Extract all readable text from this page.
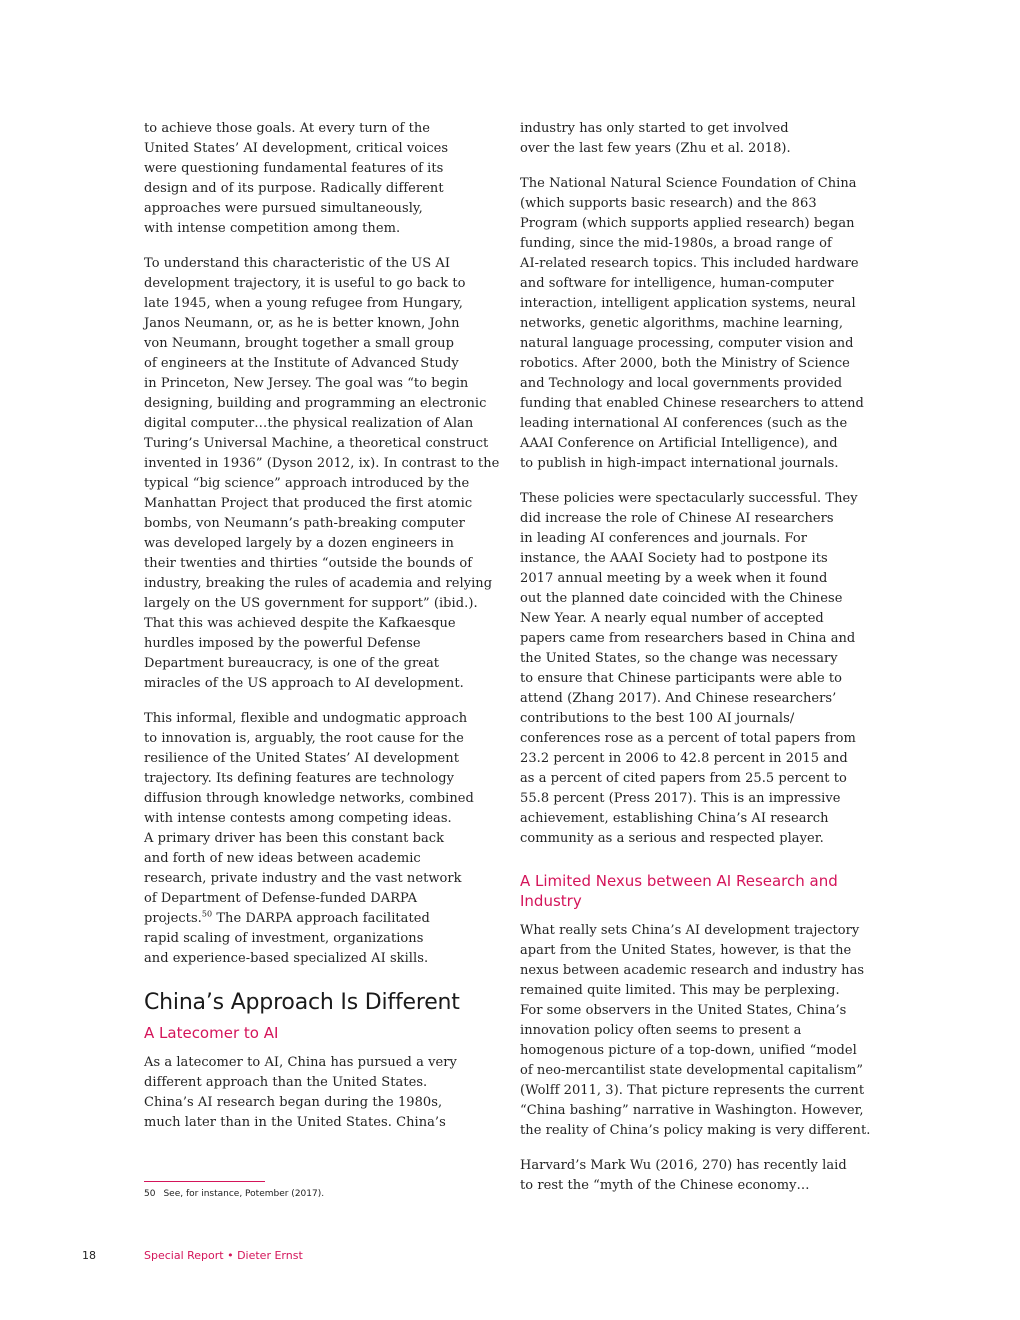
to achieve those goals. At every turn of the
United States’ AI development, critical voices
were questioning fundamental features of its
design and of its purpose. Radically different
approaches were pursued simultaneously,
with intense competition among them.

To understand this characteristic of the US AI
development trajectory, it is useful to go back to
late 1945, when a young refugee from Hungary,
Janos Neumann, or, as he is better known, John
von Neumann, brought together a small group
of engineers at the Institute of Advanced Study
in Princeton, New Jersey. The goal was “to begin
designing, building and programming an electronic
digital computer…the physical realization of Alan
Turing’s Universal Machine, a theoretical construct
invented in 1936” (Dyson 2012, ix). In contrast to the
typical “big science” approach introduced by the
Manhattan Project that produced the first atomic
bombs, von Neumann’s path-breaking computer
was developed largely by a dozen engineers in
their twenties and thirties “outside the bounds of
industry, breaking the rules of academia and relying
largely on the US government for support” (ibid.).
That this was achieved despite the Kafkaesque
hurdles imposed by the powerful Defense
Department bureaucracy, is one of the great
miracles of the US approach to AI development.

This informal, flexible and undogmatic approach
to innovation is, arguably, the root cause for the
resilience of the United States’ AI development
trajectory. Its defining features are technology
diffusion through knowledge networks, combined
with intense contests among competing ideas.
A primary driver has been this constant back
and forth of new ideas between academic
research, private industry and the vast network
of Department of Defense-funded DARPA
projects.$^{50}$ The DARPA approach facilitated
rapid scaling of investment, organizations
and experience-based specialized AI skills.

China’s Approach Is Different
A Latecomer to AI

As a latecomer to AI, China has pursued a very
different approach than the United States.
China’s AI research began during the 1980s,
much later than in the United States. China’s

industry has only started to get involved
over the last few years (Zhu et al. 2018).

The National Natural Science Foundation of China
(which supports basic research) and the 863
Program (which supports applied research) began
funding, since the mid-1980s, a broad range of
AI-related research topics. This included hardware
and software for intelligence, human-computer
interaction, intelligent application systems, neural
networks, genetic algorithms, machine learning,
natural language processing, computer vision and
robotics. After 2000, both the Ministry of Science
and Technology and local governments provided
funding that enabled Chinese researchers to attend
leading international AI conferences (such as the
AAAI Conference on Artificial Intelligence), and
to publish in high-impact international journals.

These policies were spectacularly successful. They
did increase the role of Chinese AI researchers
in leading AI conferences and journals. For
instance, the AAAI Society had to postpone its
2017 annual meeting by a week when it found
out the planned date coincided with the Chinese
New Year. A nearly equal number of accepted
papers came from researchers based in China and
the United States, so the change was necessary
to ensure that Chinese participants were able to
attend (Zhang 2017). And Chinese researchers’
contributions to the best 100 AI journals/
conferences rose as a percent of total papers from
23.2 percent in 2006 to 42.8 percent in 2015 and
as a percent of cited papers from 25.5 percent to
55.8 percent (Press 2017). This is an impressive
achievement, establishing China’s AI research
community as a serious and respected player.

A Limited Nexus between AI Research and
Industry

What really sets China’s AI development trajectory
apart from the United States, however, is that the
nexus between academic research and industry has
remained quite limited. This may be perplexing.
For some observers in the United States, China’s
innovation policy often seems to present a
homogenous picture of a top-down, unified “model
of neo-mercantilist state developmental capitalism”
(Wolff 2011, 3). That picture represents the current
“China bashing” narrative in Washington. However,
the reality of China’s policy making is very different.

Harvard’s Mark Wu (2016, 270) has recently laid
to rest the “myth of the Chinese economy…

50 See, for instance, Potember (2017).
18	Special Report • Dieter Ernst
